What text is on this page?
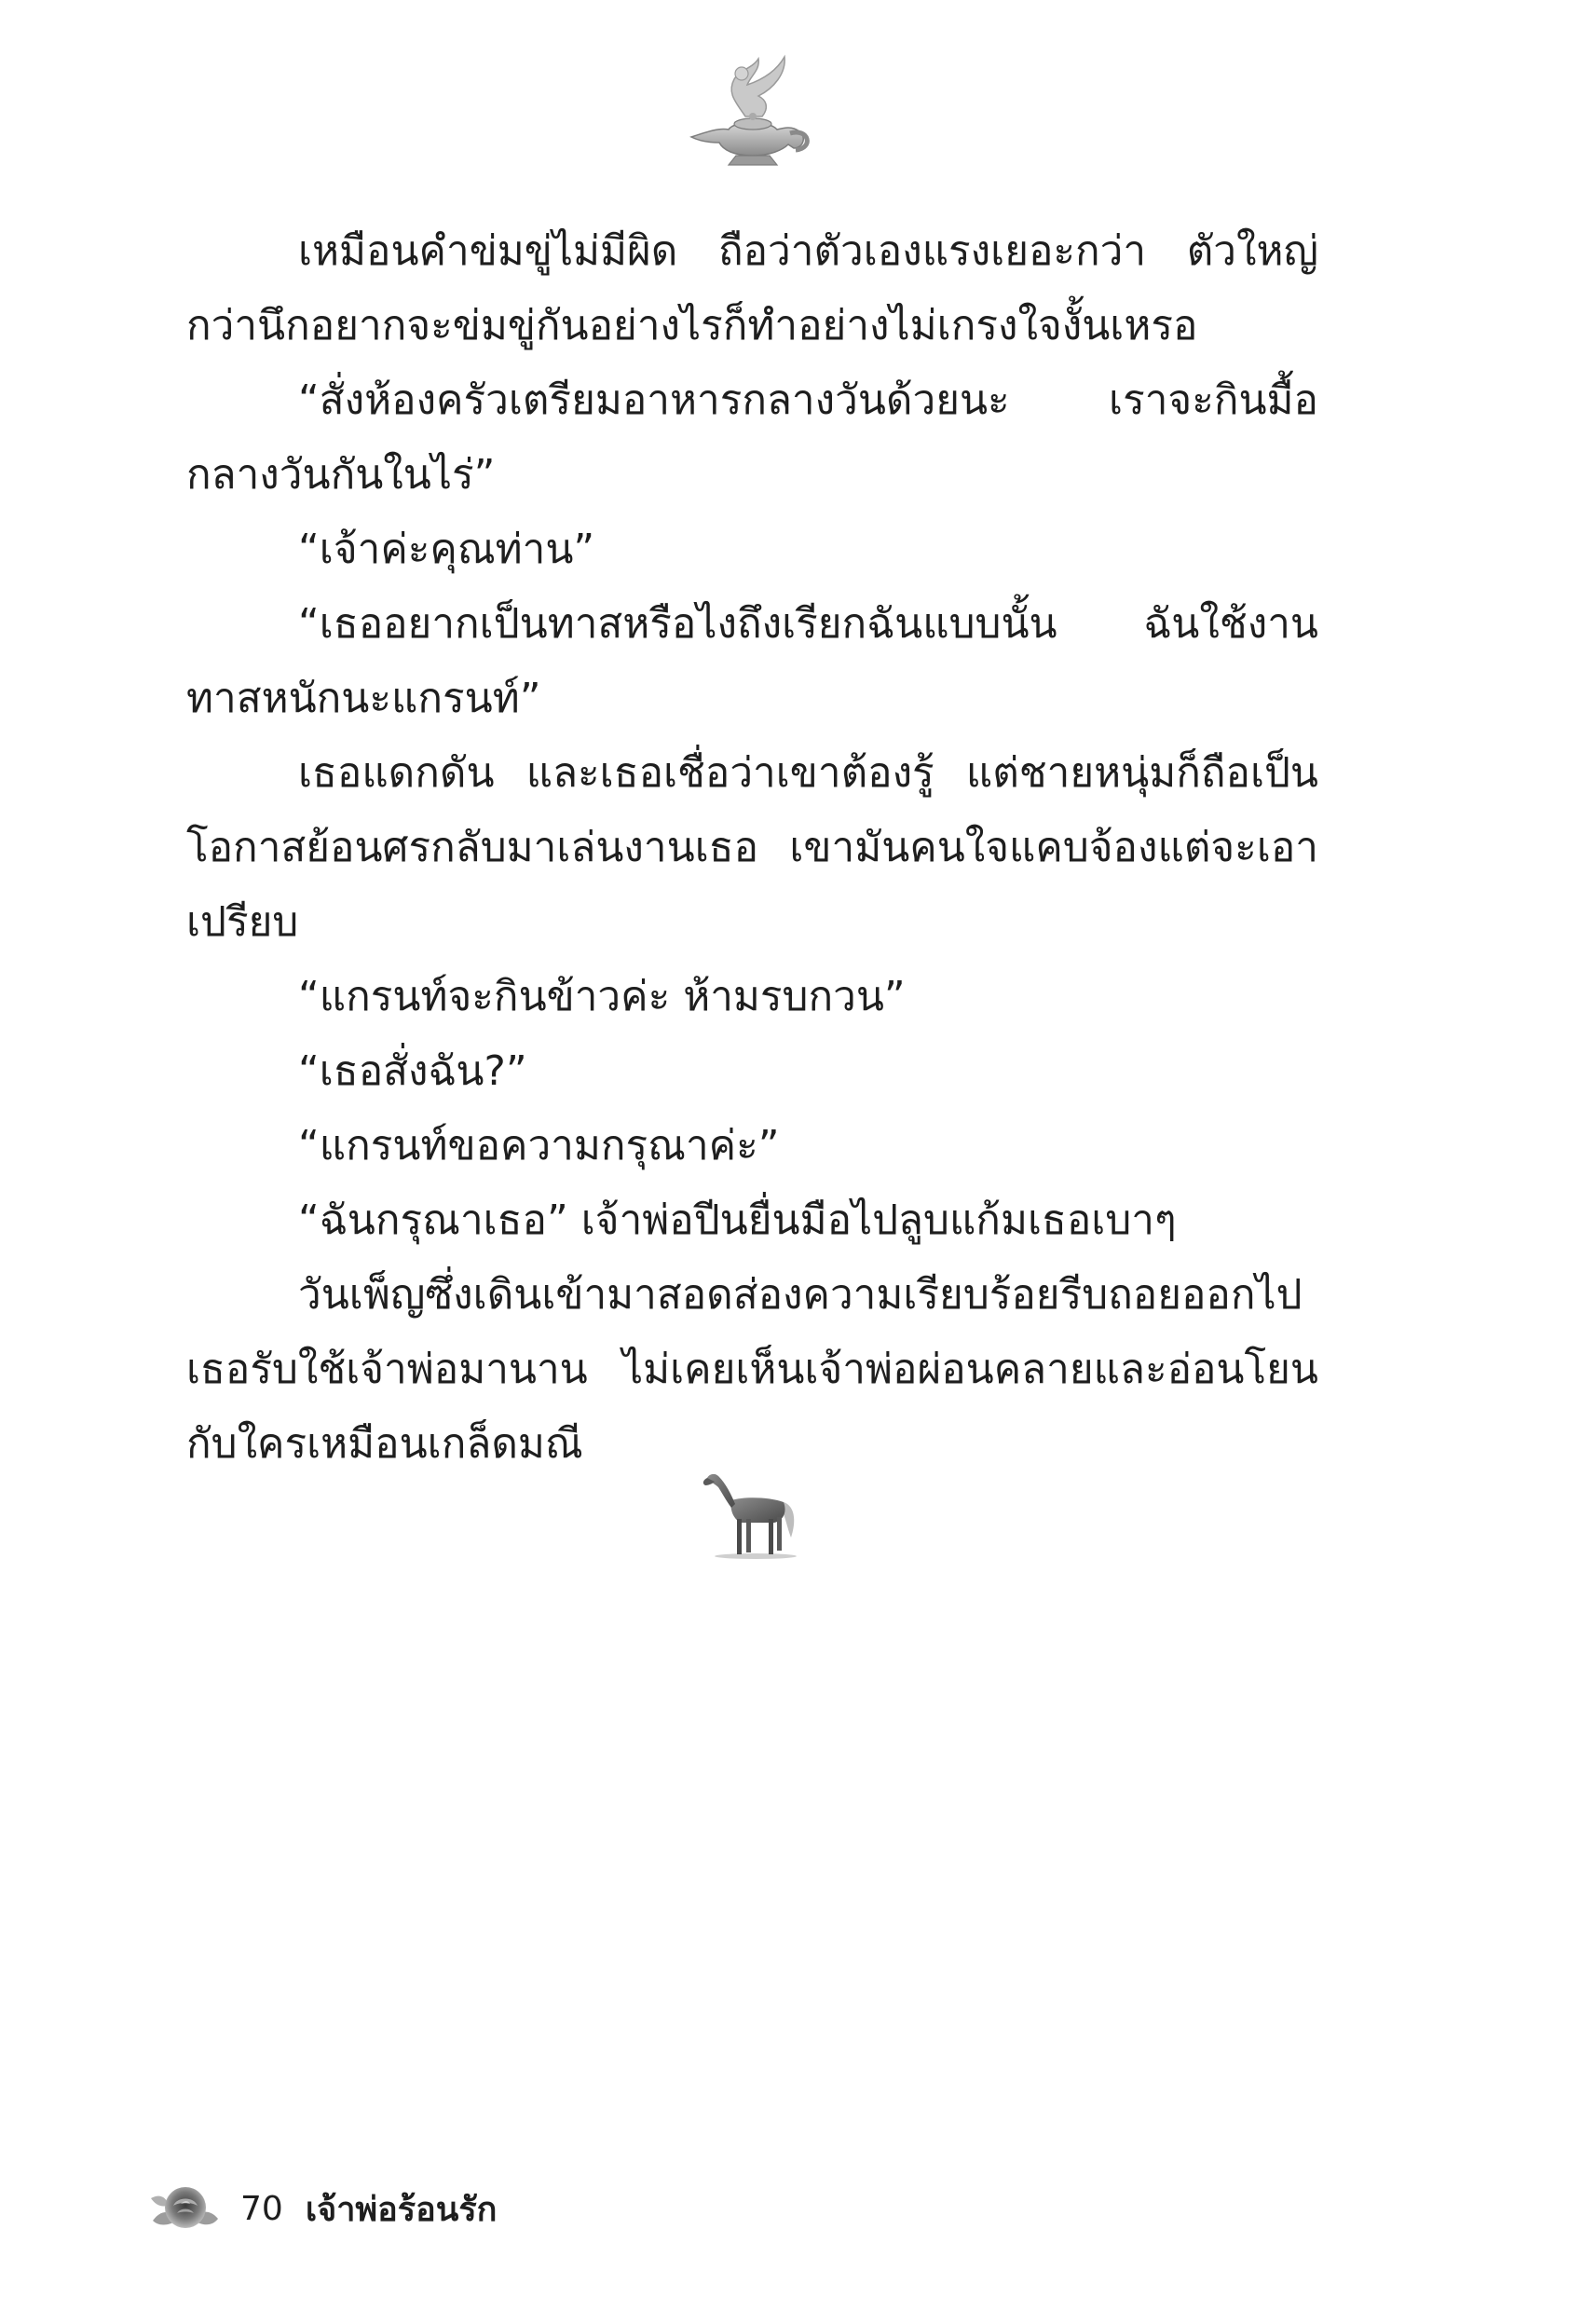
เหมือนคำข่มขู่ไม่มีผิด ถือว่าตัวเองแรงเยอะกว่า ตัวใหญ่กว่านึกอยากจะข่มขู่กันอย่างไรก็ทำอย่างไม่เกรงใจงั้นเหรอ

“สั่งห้องครัวเตรียมอาหารกลางวันด้วยนะ เราจะกินมื้อกลางวันกันในไร่”

“เจ้าค่ะคุณท่าน”

“เธออยากเป็นทาสหรือไงถึงเรียกฉันแบบนั้น ฉันใช้งานทาสหนักนะแกรนท์”

เธอแดกดัน และเธอเชื่อว่าเขาต้องรู้ แต่ชายหนุ่มก็ถือเป็นโอกาสย้อนศรกลับมาเล่นงานเธอ เขามันคนใจแคบจ้องแต่จะเอาเปรียบ

“แกรนท์จะกินข้าวค่ะ ห้ามรบกวน”

“เธอสั่งฉัน?”

“แกรนท์ขอความกรุณาค่ะ”

“ฉันกรุณาเธอ” เจ้าพ่อปีนยื่นมือไปลูบแก้มเธอเบาๆ

วันเพ็ญซึ่งเดินเข้ามาสอดส่องความเรียบร้อยรีบถอยออกไป เธอรับใช้เจ้าพ่อมานาน ไม่เคยเห็นเจ้าพ่อผ่อนคลายและอ่อนโยนกับใครเหมือนเกล็ดมณี

70 เจ้าพ่อร้อนรัก
